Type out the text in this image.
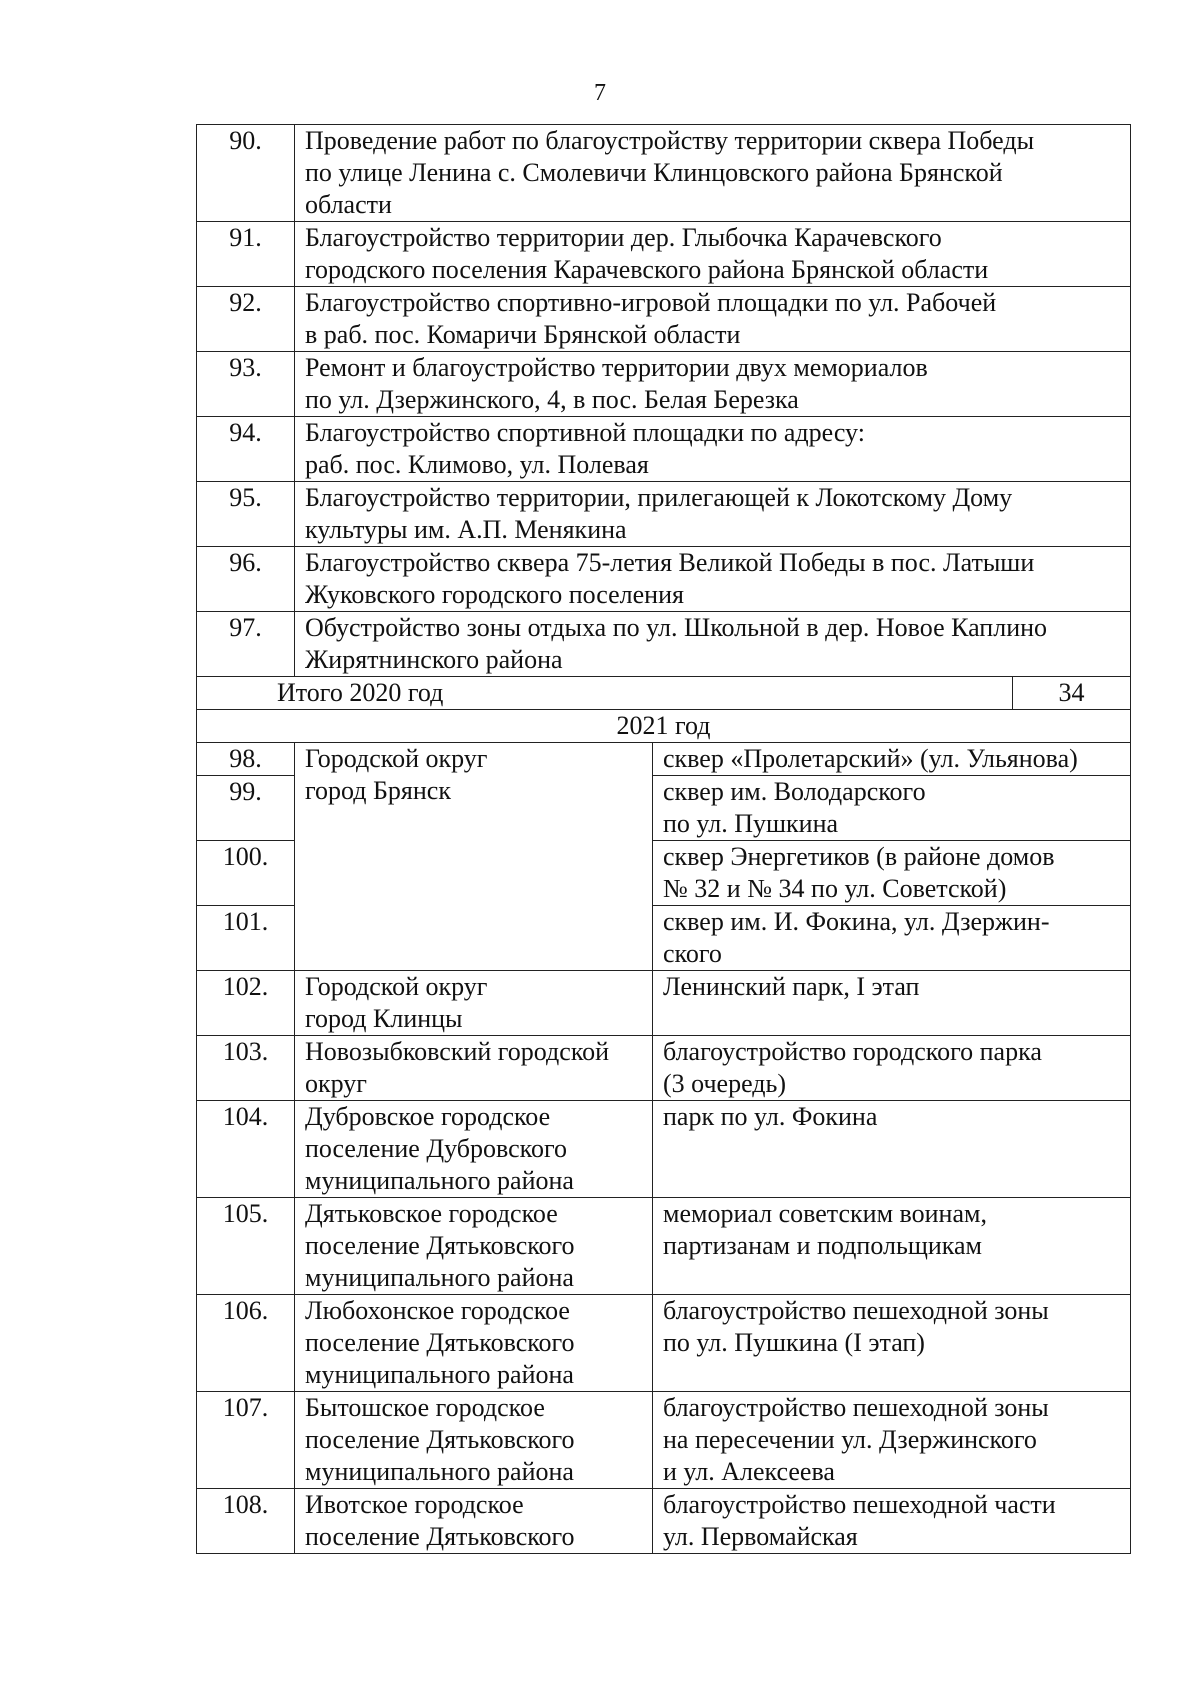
7
90.	Проведение работ по благоустройству территории сквера Победы
по улице Ленина с. Смолевичи Клинцовского района Брянской
области		
91.	Благоустройство территории дер. Глыбочка Карачевского
городского поселения Карачевского района Брянской области		
92.	Благоустройство спортивно-игровой площадки по ул. Рабочей
в раб. пос. Комаричи Брянской области		
93.	Ремонт и благоустройство территории двух мемориалов
по ул. Дзержинского, 4, в пос. Белая Березка		
94.	Благоустройство спортивной площадки по адресу:
раб. пос. Климово, ул. Полевая		
95.	Благоустройство территории, прилегающей к Локотскому Дому
культуры им. А.П. Менякина		
96.	Благоустройство сквера 75-летия Великой Победы в пос. Латыши
Жуковского городского поселения		
97.	Обустройство зоны отдыха по ул. Школьной в дер. Новое Каплино
Жирятнинского района		
Итого 2020 год			34
2021 год			
98.	Городской округ
город Брянск	сквер «Пролетарский» (ул. Ульянова)	
99.		сквер им. Володарского
по ул. Пушкина	
100.		сквер Энергетиков (в районе домов
№ 32 и № 34 по ул. Советской)	
101.		сквер им. И. Фокина, ул. Дзержин-
ского	
102.	Городской округ
город Клинцы	Ленинский парк, I этап	
103.	Новозыбковский городской
округ	благоустройство городского парка
(3 очередь)	
104.	Дубровское городское
поселение Дубровского
муниципального района	парк по ул. Фокина	
105.	Дятьковское городское
поселение Дятьковского
муниципального района	мемориал советским воинам,
партизанам и подпольщикам	
106.	Любохонское городское
поселение Дятьковского
муниципального района	благоустройство пешеходной зоны
по ул. Пушкина (I этап)	
107.	Бытошское городское
поселение Дятьковского
муниципального района	благоустройство пешеходной зоны
на пересечении ул. Дзержинского
и ул. Алексеева	
108.	Ивотское городское
поселение Дятьковского	благоустройство пешеходной части
ул. Первомайская	
